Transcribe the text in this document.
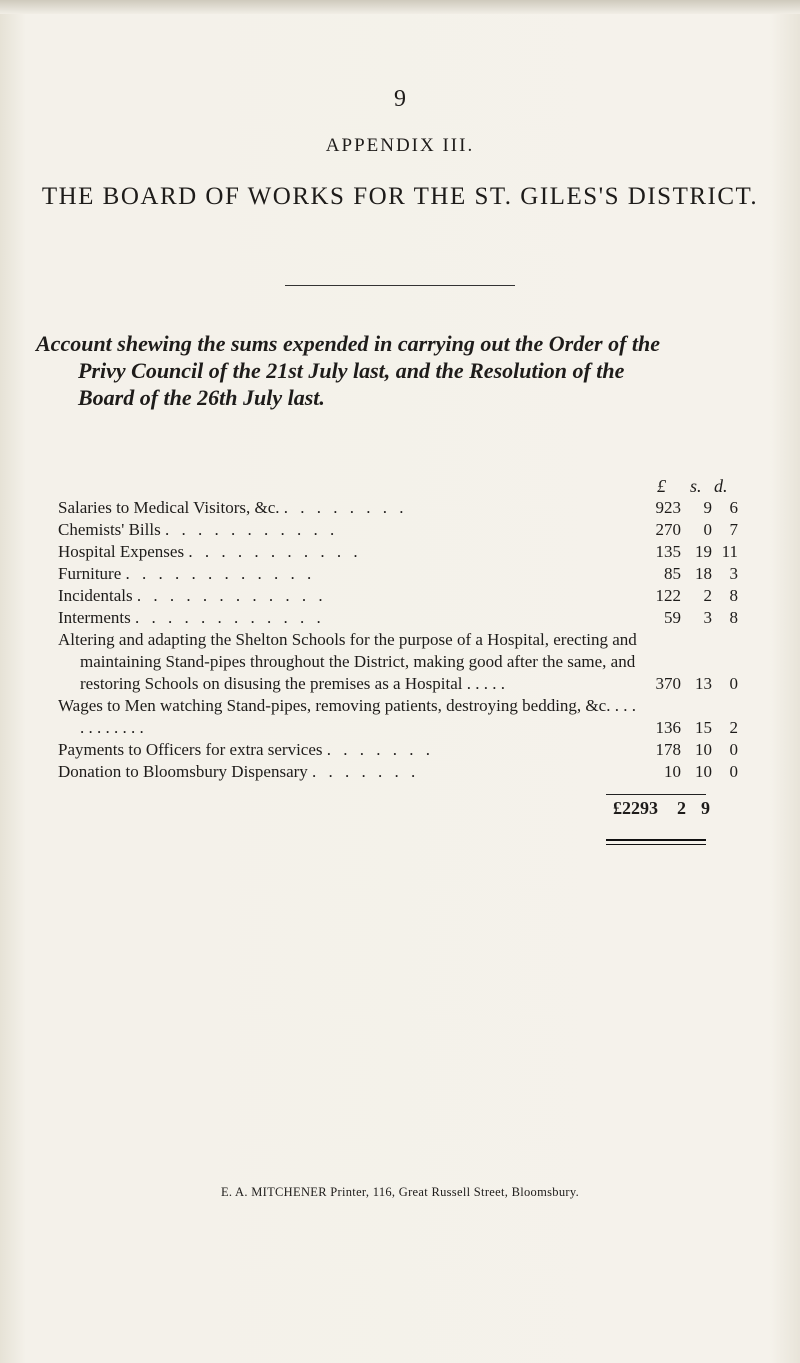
9
APPENDIX III.
THE BOARD OF WORKS FOR THE ST. GILES'S DISTRICT.
Account shewing the sums expended in carrying out the Order of the
Privy Council of the 21st July last, and the Resolution of the
Board of the 26th July last.
£ s. d.
Salaries to Medical Visitors, &c. . . . . . . . .	923	9	6
Chemists' Bills . . . . . . . . . . .	270	0	7
Hospital Expenses . . . . . . . . . . .	135 19 11
Furniture . . . . . . . . . . . .	85 18	3
Incidentals . . . . . . . . . . . .	122	2	8
Interments . . . . . . . . . . . .	59	3	8
Altering and adapting the Shelton Schools for the purpose of a Hospital, erecting and maintaining Stand-pipes throughout the District, making good after the same, and restoring Schools on disusing the premises as a Hospital . . . . .	370 13	0
Wages to Men watching Stand-pipes, removing patients, destroying bedding, &c. . . . . . . . . . . .	136 15	2
Payments to Officers for extra services . . . . . . .	178 10	0
Donation to Bloomsbury Dispensary . . . . . . .	10 10	0
£2293	2 9
E. A. MITCHENER Printer, 116, Great Russell Street, Bloomsbury.
